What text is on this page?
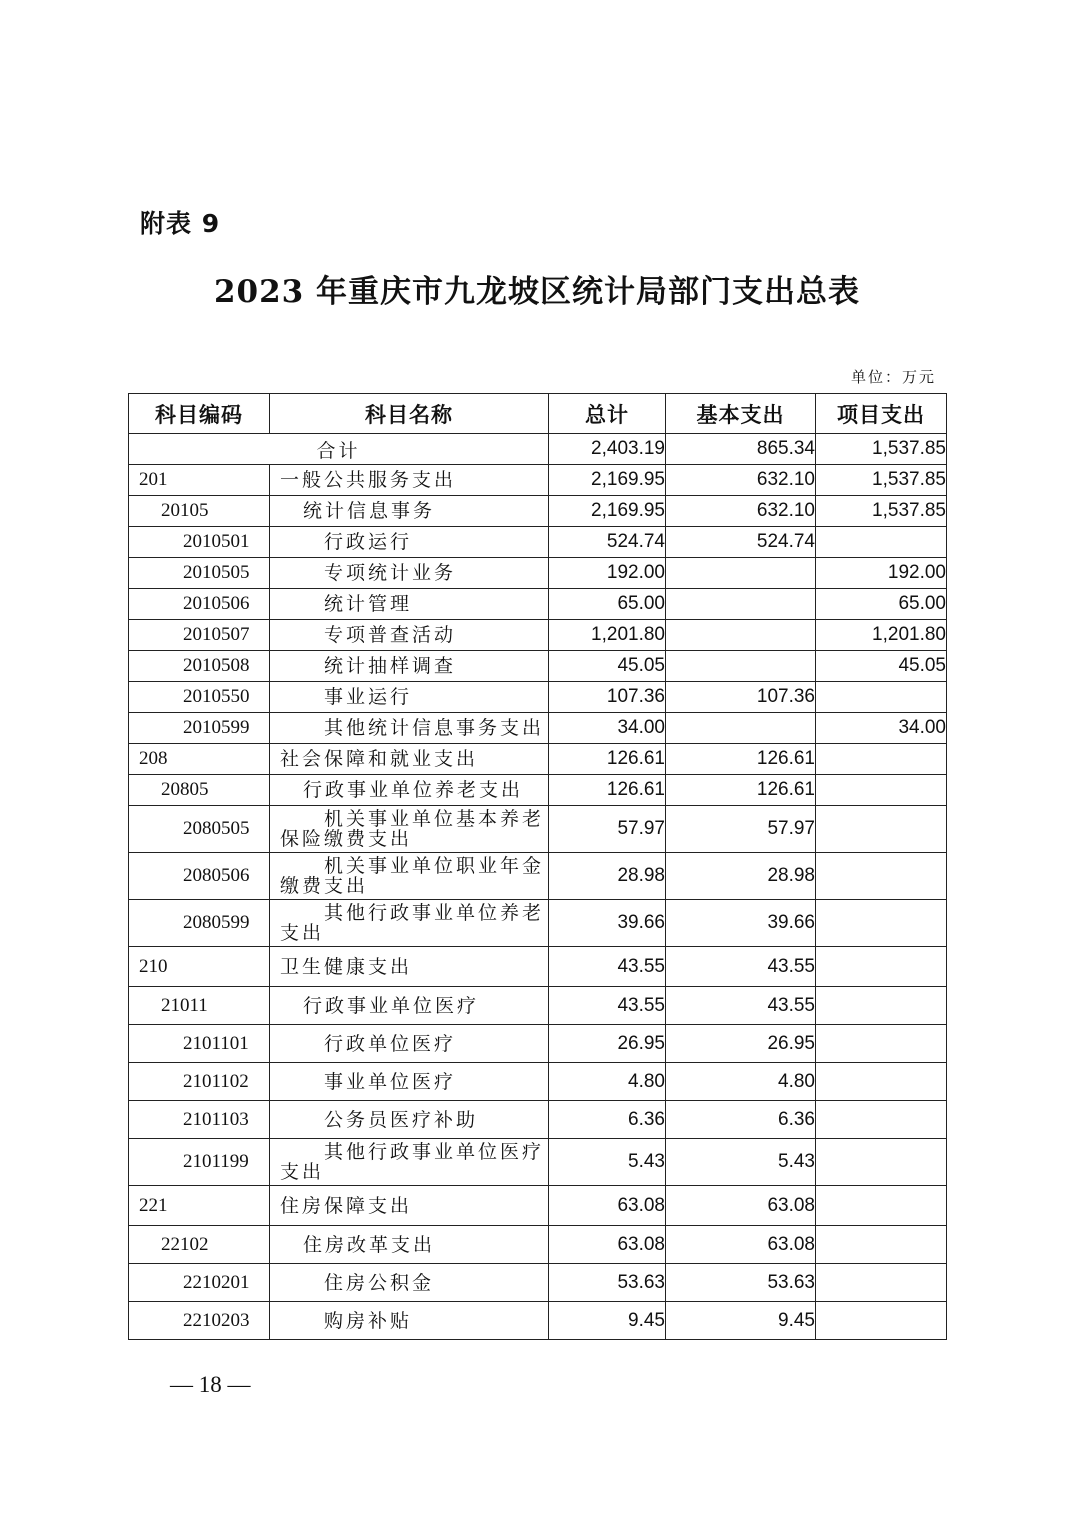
附表 9
2023 年重庆市九龙坡区统计局部门支出总表
单位：万元
科目编码	科目名称	总计	基本支出	项目支出
合计		2,403.19	865.34	1,537.85
201	一般公共服务支出	2,169.95	632.10	1,537.85
20105	统计信息事务	2,169.95	632.10	1,537.85
2010501	行政运行	524.74	524.74	
2010505	专项统计业务	192.00		192.00
2010506	统计管理	65.00		65.00
2010507	专项普查活动	1,201.80		1,201.80
2010508	统计抽样调查	45.05		45.05
2010550	事业运行	107.36	107.36	
2010599	其他统计信息事务支出	34.00		34.00
208	社会保障和就业支出	126.61	126.61	
20805	行政事业单位养老支出	126.61	126.61	
2080505	机关事业单位基本养老
保险缴费支出	57.97	57.97	
2080506	机关事业单位职业年金
缴费支出	28.98	28.98	
2080599	其他行政事业单位养老
支出	39.66	39.66	
210	卫生健康支出	43.55	43.55	
21011	行政事业单位医疗	43.55	43.55	
2101101	行政单位医疗	26.95	26.95	
2101102	事业单位医疗	4.80	4.80	
2101103	公务员医疗补助	6.36	6.36	
2101199	其他行政事业单位医疗
支出	5.43	5.43	
221	住房保障支出	63.08	63.08	
22102	住房改革支出	63.08	63.08	
2210201	住房公积金	53.63	53.63	
2210203	购房补贴	9.45	9.45	
— 18 —
